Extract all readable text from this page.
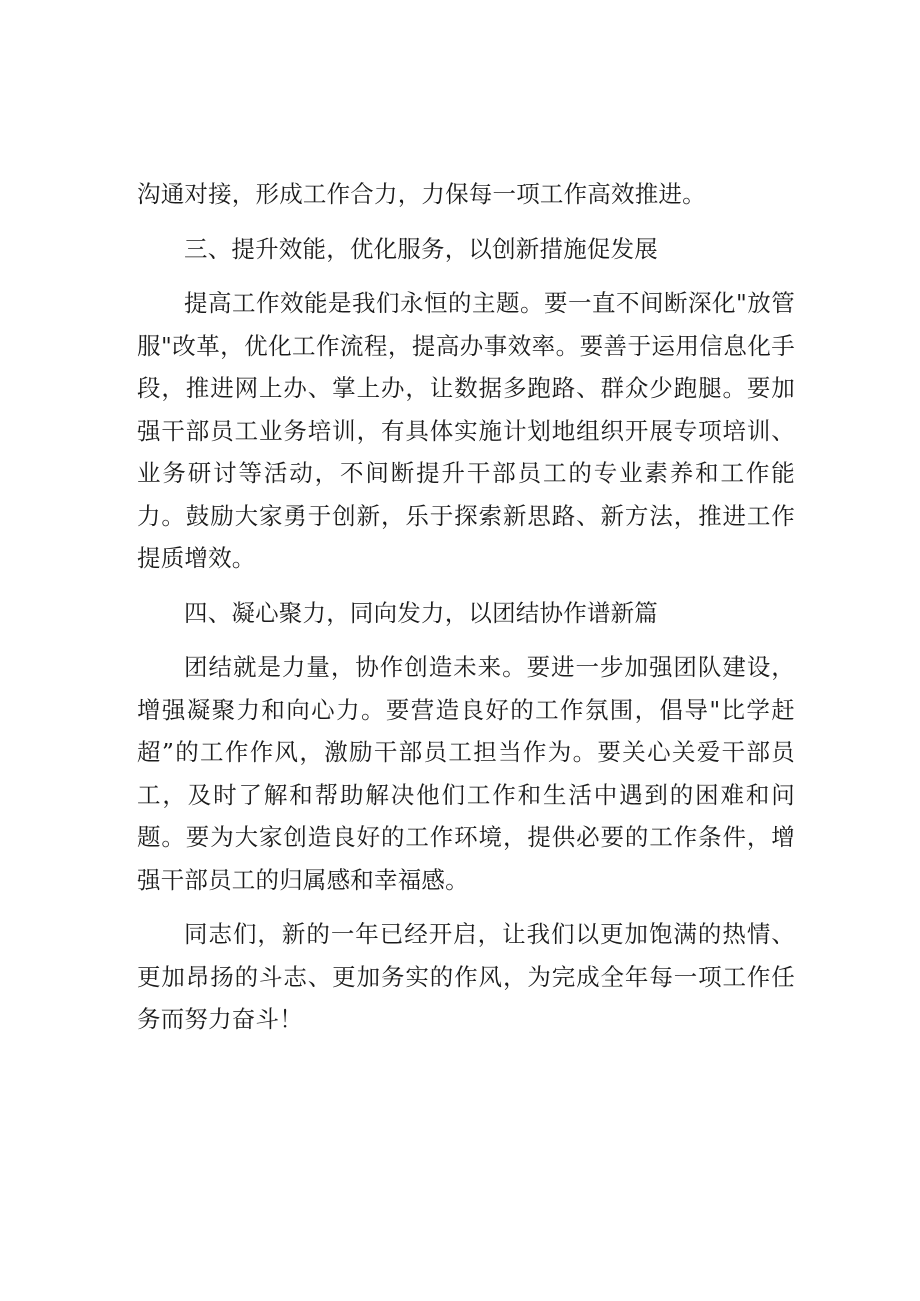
沟通对接，形成工作合力，力保每一项工作高效推进。

三、提升效能，优化服务，以创新措施促发展

提高工作效能是我们永恒的主题。要一直不间断深化"放管服"改革，优化工作流程，提高办事效率。要善于运用信息化手段，推进网上办、掌上办，让数据多跑路、群众少跑腿。要加强干部员工业务培训，有具体实施计划地组织开展专项培训、业务研讨等活动，不间断提升干部员工的专业素养和工作能力。鼓励大家勇于创新，乐于探索新思路、新方法，推进工作提质增效。

四、凝心聚力，同向发力，以团结协作谱新篇

团结就是力量，协作创造未来。要进一步加强团队建设，增强凝聚力和向心力。要营造良好的工作氛围，倡导"比学赶超”的工作作风，激励干部员工担当作为。要关心关爱干部员工，及时了解和帮助解决他们工作和生活中遇到的困难和问题。要为大家创造良好的工作环境，提供必要的工作条件，增强干部员工的归属感和幸福感。

同志们，新的一年已经开启，让我们以更加饱满的热情、更加昂扬的斗志、更加务实的作风，为完成全年每一项工作任务而努力奋斗！
